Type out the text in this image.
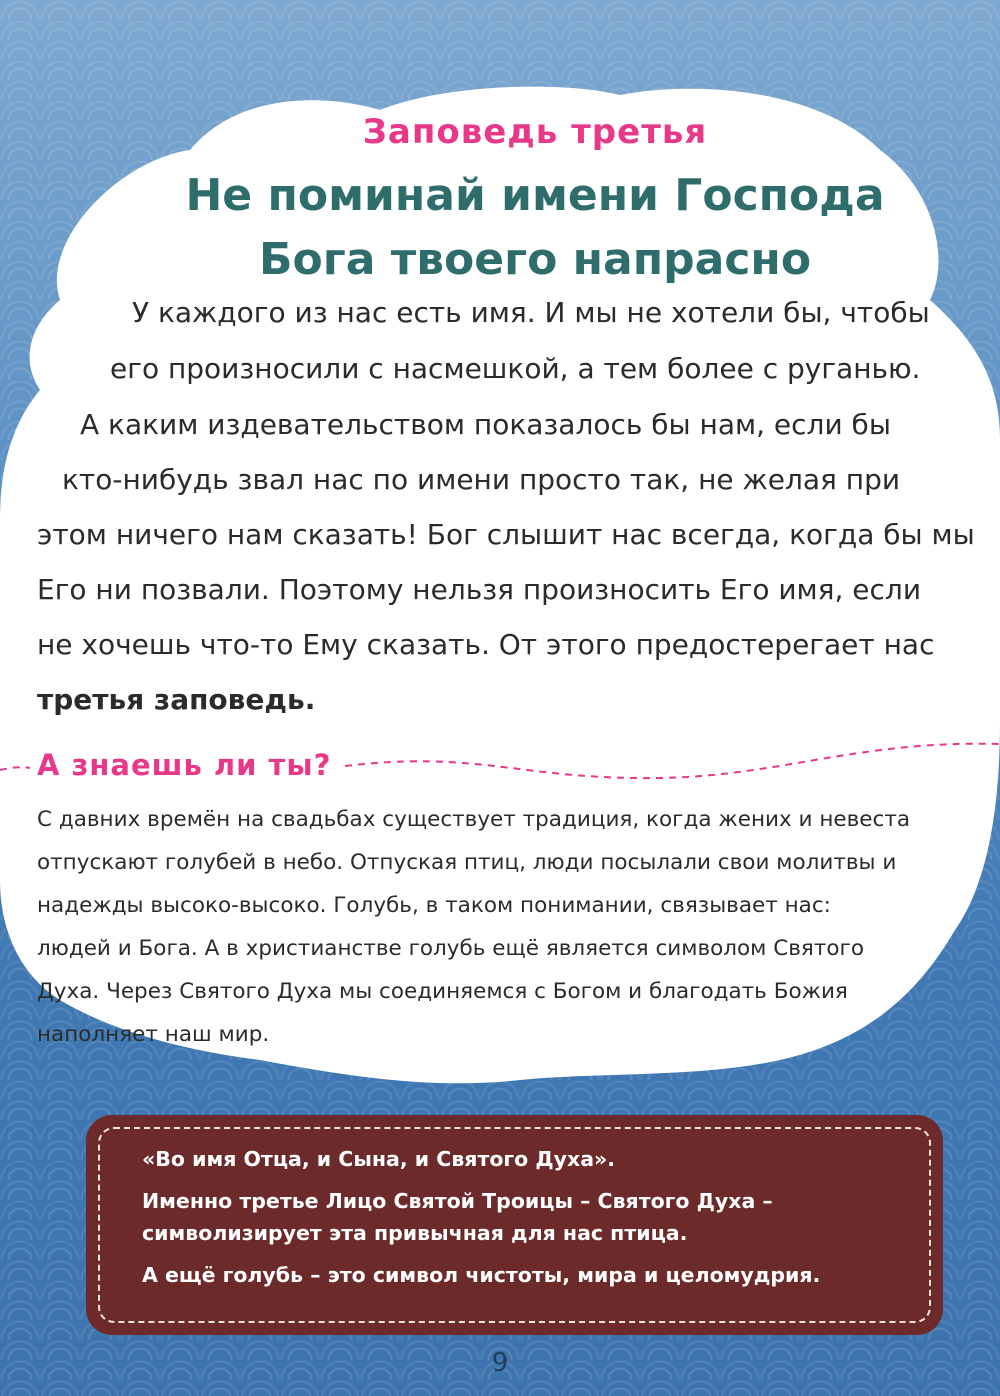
Заповедь третья
Не поминай имени Господа
Бога твоего напрасно
У каждого из нас есть имя. И мы не хотели бы, чтобы
его произносили с насмешкой, а тем более с руганью.
А каким издевательством показалось бы нам, если бы
кто-нибудь звал нас по имени просто так, не желая при
этом ничего нам сказать! Бог слышит нас всегда, когда бы мы
Его ни позвали. Поэтому нельзя произносить Его имя, если
не хочешь что-то Ему сказать. От этого предостерегает нас
третья заповедь.
А знаешь ли ты?
С давних времён на свадьбах существует традиция, когда жених и невеста
отпускают голубей в небо. Отпуская птиц, люди посылали свои молитвы и
надежды высоко-высоко. Голубь, в таком понимании, связывает нас:
людей и Бога. А в христианстве голубь ещё является символом Святого
Духа. Через Святого Духа мы соединяемся с Богом и благодать Божия
наполняет наш мир.
«Во имя Отца, и Сына, и Святого Духа».
Именно третье Лицо Святой Троицы – Святого Духа –
символизирует эта привычная для нас птица.
А ещё голубь – это символ чистоты, мира и целомудрия.
9
